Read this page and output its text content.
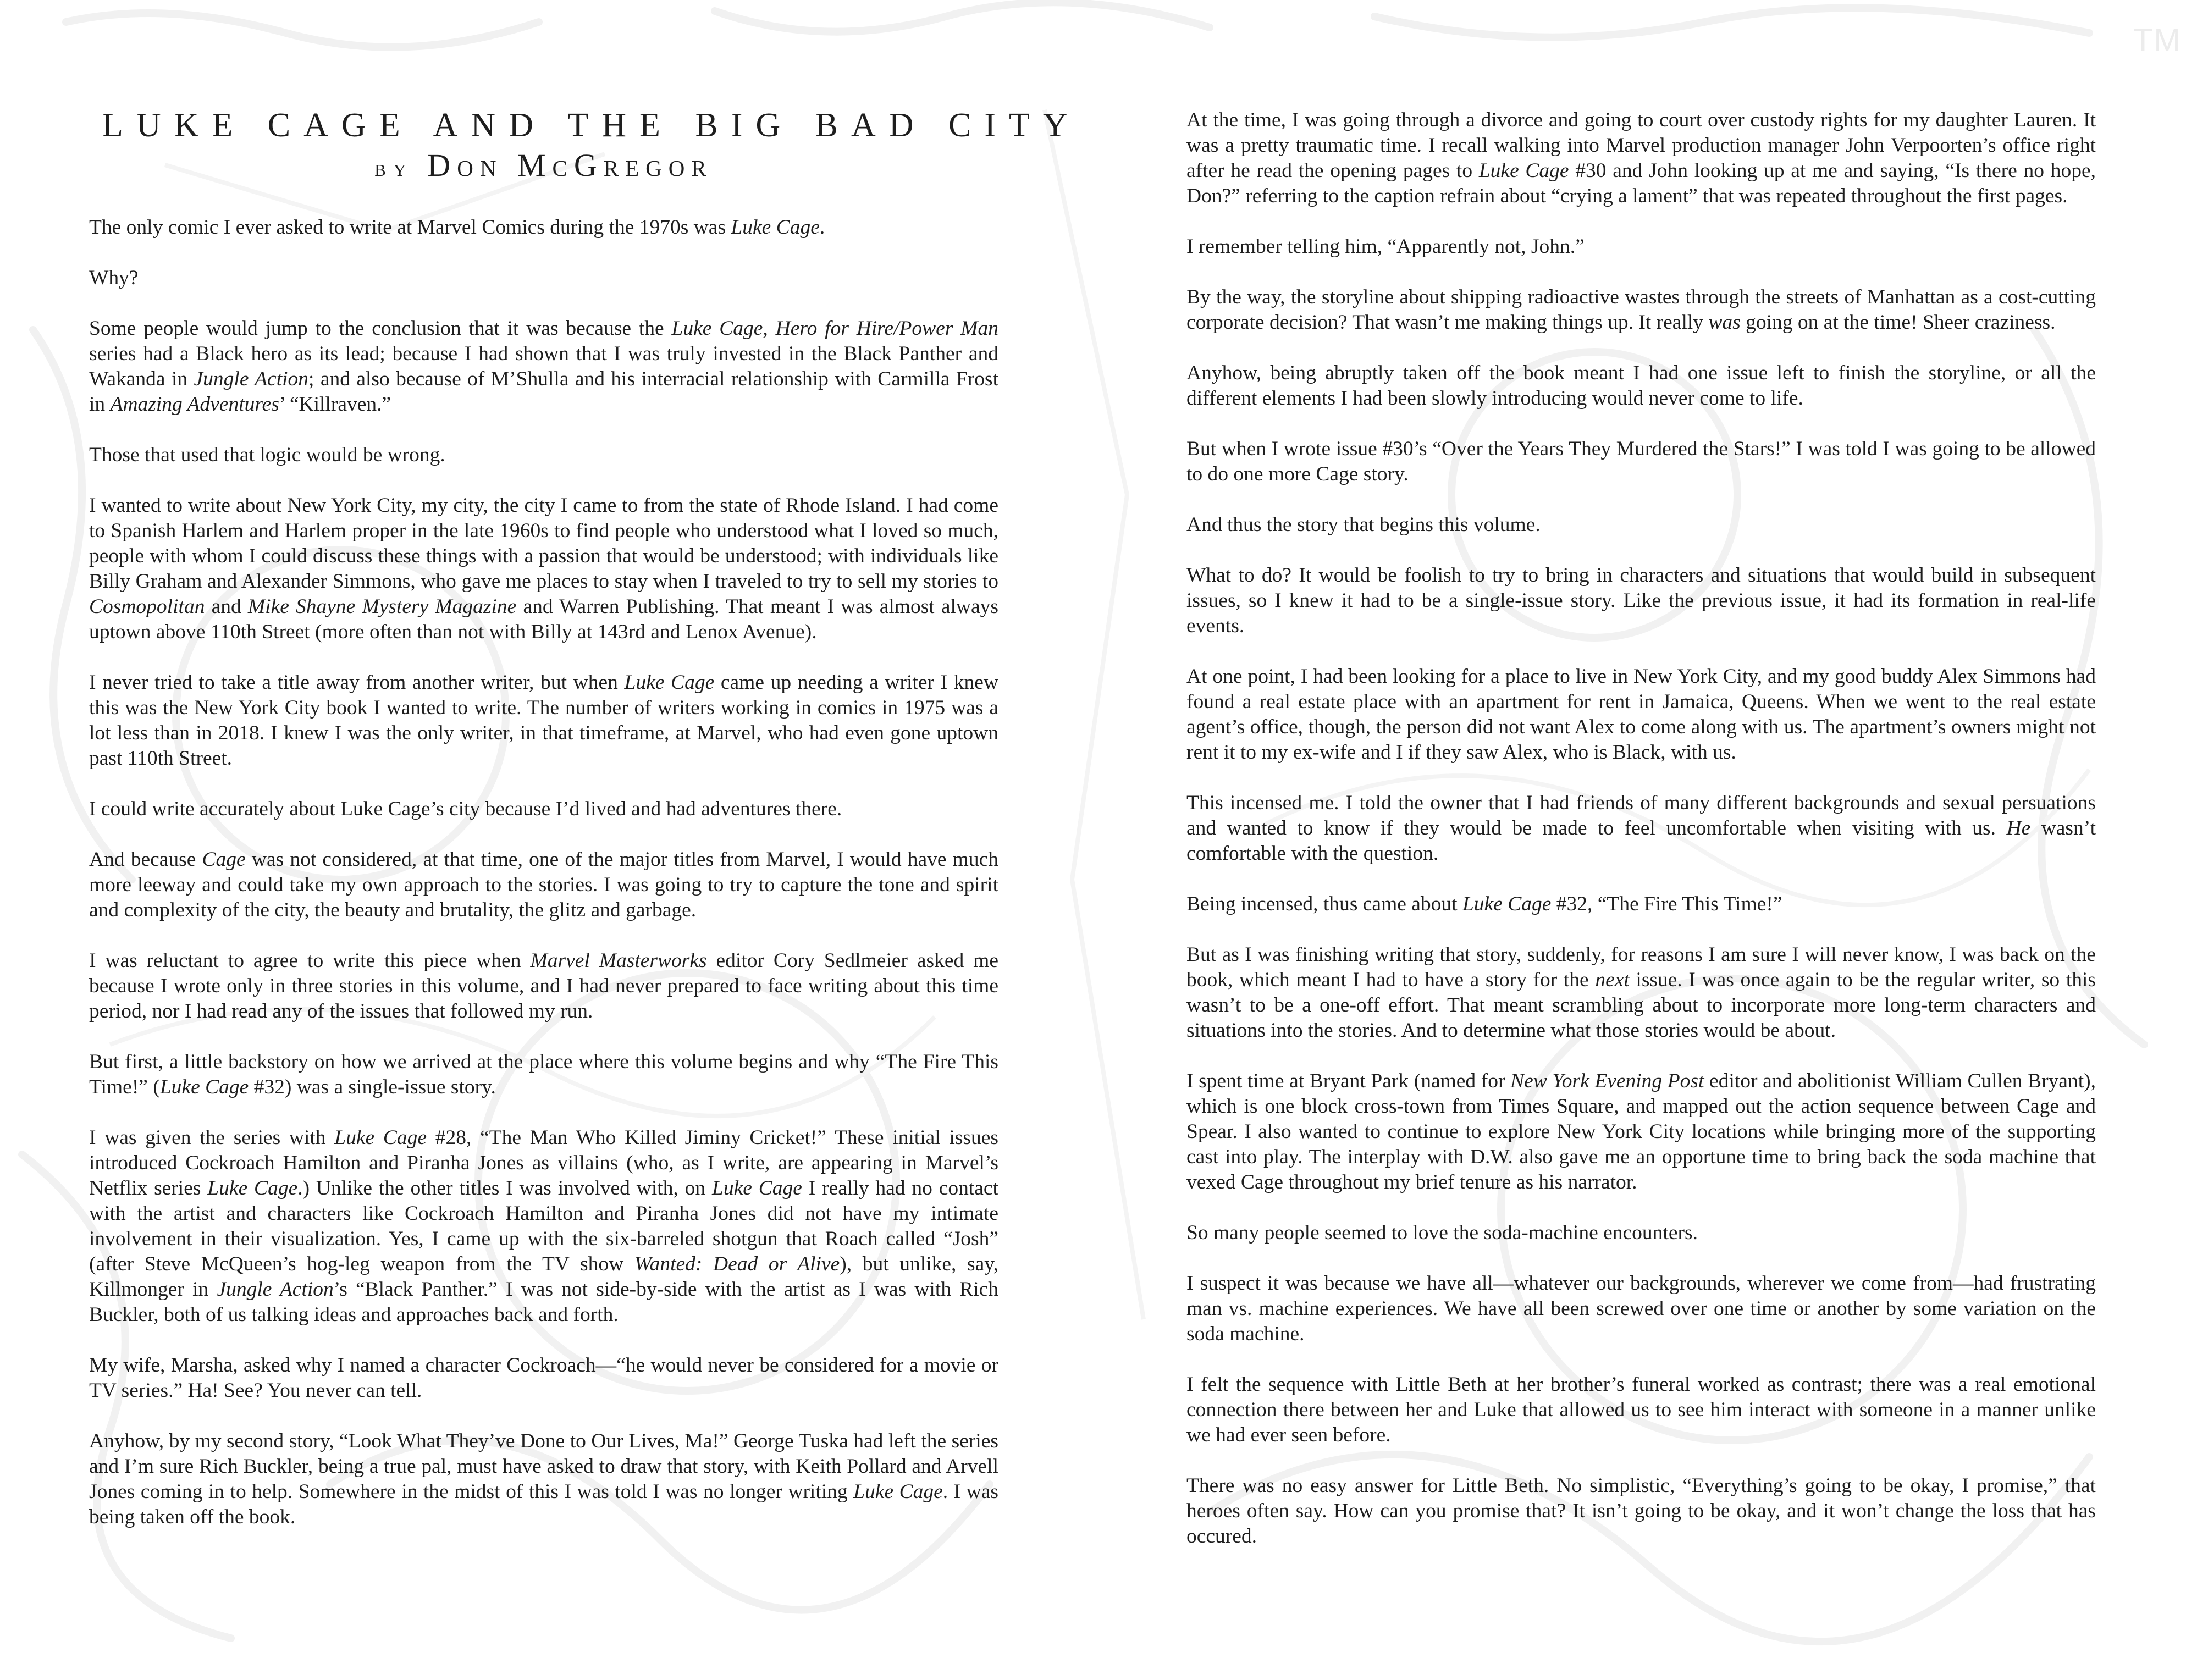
TM
LUKE CAGE AND THE BIG BAD CITY
by Don McGregor

The only comic I ever asked to write at Marvel Comics during the 1970s was Luke Cage.

Why?

Some people would jump to the conclusion that it was because the Luke Cage, Hero for Hire/Power Man series had a Black hero as its lead; because I had shown that I was truly invested in the Black Panther and Wakanda in Jungle Action; and also because of M’Shulla and his interracial relationship with Carmilla Frost in Amazing Adventures’ “Killraven.”

Those that used that logic would be wrong.

I wanted to write about New York City, my city, the city I came to from the state of Rhode Island. I had come to Spanish Harlem and Harlem proper in the late 1960s to find people who understood what I loved so much, people with whom I could discuss these things with a passion that would be understood; with individuals like Billy Graham and Alexander Simmons, who gave me places to stay when I traveled to try to sell my stories to Cosmopolitan and Mike Shayne Mystery Magazine and Warren Publishing. That meant I was almost always uptown above 110th Street (more often than not with Billy at 143rd and Lenox Avenue).

I never tried to take a title away from another writer, but when Luke Cage came up needing a writer I knew this was the New York City book I wanted to write. The number of writers working in comics in 1975 was a lot less than in 2018. I knew I was the only writer, in that timeframe, at Marvel, who had even gone uptown past 110th Street.

I could write accurately about Luke Cage’s city because I’d lived and had adventures there.

And because Cage was not considered, at that time, one of the major titles from Marvel, I would have much more leeway and could take my own approach to the stories. I was going to try to capture the tone and spirit and complexity of the city, the beauty and brutality, the glitz and garbage.

I was reluctant to agree to write this piece when Marvel Masterworks editor Cory Sedlmeier asked me because I wrote only in three stories in this volume, and I had never prepared to face writing about this time period, nor I had read any of the issues that followed my run.

But first, a little backstory on how we arrived at the place where this volume begins and why “The Fire This Time!” (Luke Cage #32) was a single-issue story.

I was given the series with Luke Cage #28, “The Man Who Killed Jiminy Cricket!” These initial issues introduced Cockroach Hamilton and Piranha Jones as villains (who, as I write, are appearing in Marvel’s Netflix series Luke Cage.) Unlike the other titles I was involved with, on Luke Cage I really had no contact with the artist and characters like Cockroach Hamilton and Piranha Jones did not have my intimate involvement in their visualization. Yes, I came up with the six-barreled shotgun that Roach called “Josh” (after Steve McQueen’s hog-leg weapon from the TV show Wanted: Dead or Alive), but unlike, say, Killmonger in Jungle Action’s “Black Panther.” I was not side-by-side with the artist as I was with Rich Buckler, both of us talking ideas and approaches back and forth.

My wife, Marsha, asked why I named a character Cockroach—“he would never be considered for a movie or TV series.” Ha! See? You never can tell.

Anyhow, by my second story, “Look What They’ve Done to Our Lives, Ma!” George Tuska had left the series and I’m sure Rich Buckler, being a true pal, must have asked to draw that story, with Keith Pollard and Arvell Jones coming in to help. Somewhere in the midst of this I was told I was no longer writing Luke Cage. I was being taken off the book.

At the time, I was going through a divorce and going to court over custody rights for my daughter Lauren. It was a pretty traumatic time. I recall walking into Marvel production manager John Verpoorten’s office right after he read the opening pages to Luke Cage #30 and John looking up at me and saying, “Is there no hope, Don?” referring to the caption refrain about “crying a lament” that was repeated throughout the first pages.

I remember telling him, “Apparently not, John.”

By the way, the storyline about shipping radioactive wastes through the streets of Manhattan as a cost-cutting corporate decision? That wasn’t me making things up. It really was going on at the time! Sheer craziness.

Anyhow, being abruptly taken off the book meant I had one issue left to finish the storyline, or all the different elements I had been slowly introducing would never come to life.

But when I wrote issue #30’s “Over the Years They Murdered the Stars!” I was told I was going to be allowed to do one more Cage story.

And thus the story that begins this volume.

What to do? It would be foolish to try to bring in characters and situations that would build in subsequent issues, so I knew it had to be a single-issue story. Like the previous issue, it had its formation in real-life events.

At one point, I had been looking for a place to live in New York City, and my good buddy Alex Simmons had found a real estate place with an apartment for rent in Jamaica, Queens. When we went to the real estate agent’s office, though, the person did not want Alex to come along with us. The apartment’s owners might not rent it to my ex-wife and I if they saw Alex, who is Black, with us.

This incensed me. I told the owner that I had friends of many different backgrounds and sexual persuations and wanted to know if they would be made to feel uncomfortable when visiting with us. He wasn’t comfortable with the question.

Being incensed, thus came about Luke Cage #32, “The Fire This Time!”

But as I was finishing writing that story, suddenly, for reasons I am sure I will never know, I was back on the book, which meant I had to have a story for the next issue. I was once again to be the regular writer, so this wasn’t to be a one-off effort. That meant scrambling about to incorporate more long-term characters and situations into the stories. And to determine what those stories would be about.

I spent time at Bryant Park (named for New York Evening Post editor and abolitionist William Cullen Bryant), which is one block cross-town from Times Square, and mapped out the action sequence between Cage and Spear. I also wanted to continue to explore New York City locations while bringing more of the supporting cast into play. The interplay with D.W. also gave me an opportune time to bring back the soda machine that vexed Cage throughout my brief tenure as his narrator.

So many people seemed to love the soda-machine encounters.

I suspect it was because we have all—whatever our backgrounds, wherever we come from—had frustrating man vs. machine experiences. We have all been screwed over one time or another by some variation on the soda machine.

I felt the sequence with Little Beth at her brother’s funeral worked as contrast; there was a real emotional connection there between her and Luke that allowed us to see him interact with someone in a manner unlike we had ever seen before.

There was no easy answer for Little Beth. No simplistic, “Everything’s going to be okay, I promise,” that heroes often say. How can you promise that? It isn’t going to be okay, and it won’t change the loss that has occured.
